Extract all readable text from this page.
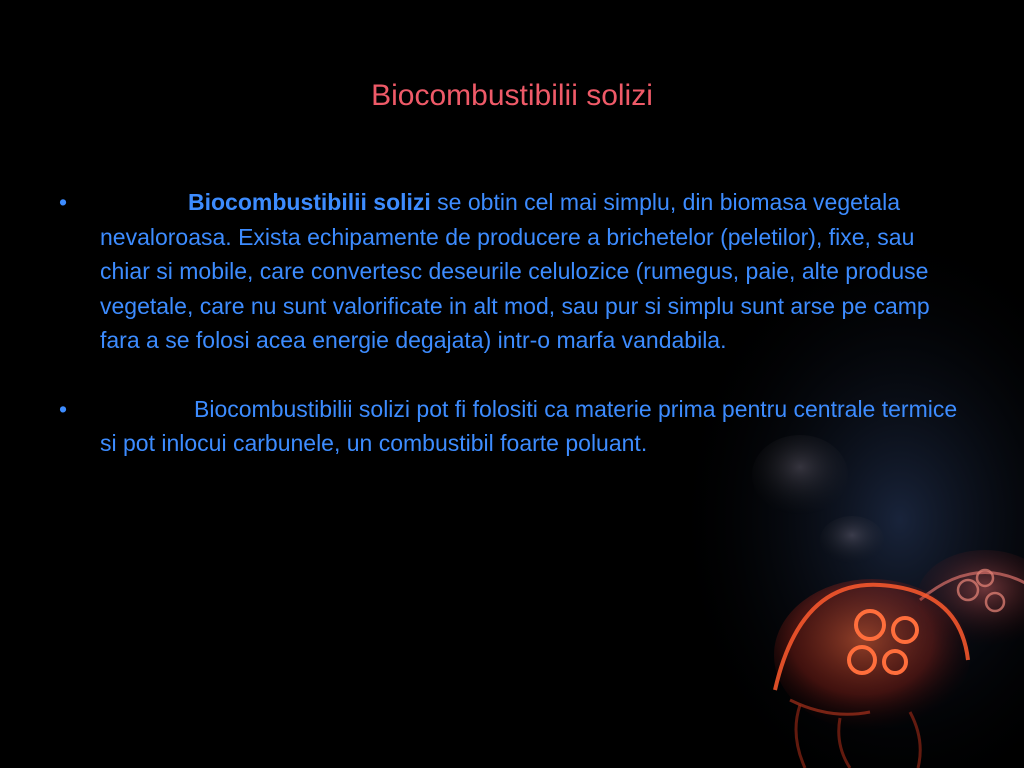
Biocombustibilii solizi
•	Biocombustibilii solizi se obtin cel mai simplu, din biomasa vegetala nevaloroasa. Exista echipamente de producere a brichetelor (peletilor), fixe, sau chiar si mobile, care convertesc deseurile celulozice (rumegus, paie, alte produse vegetale, care nu sunt valorificate in alt mod, sau pur si simplu sunt arse pe camp fara a se folosi acea energie degajata) intr-o marfa vandabila.
•	Biocombustibilii solizi pot fi folositi ca materie prima pentru centrale termice si pot inlocui carbunele, un combustibil foarte poluant.
